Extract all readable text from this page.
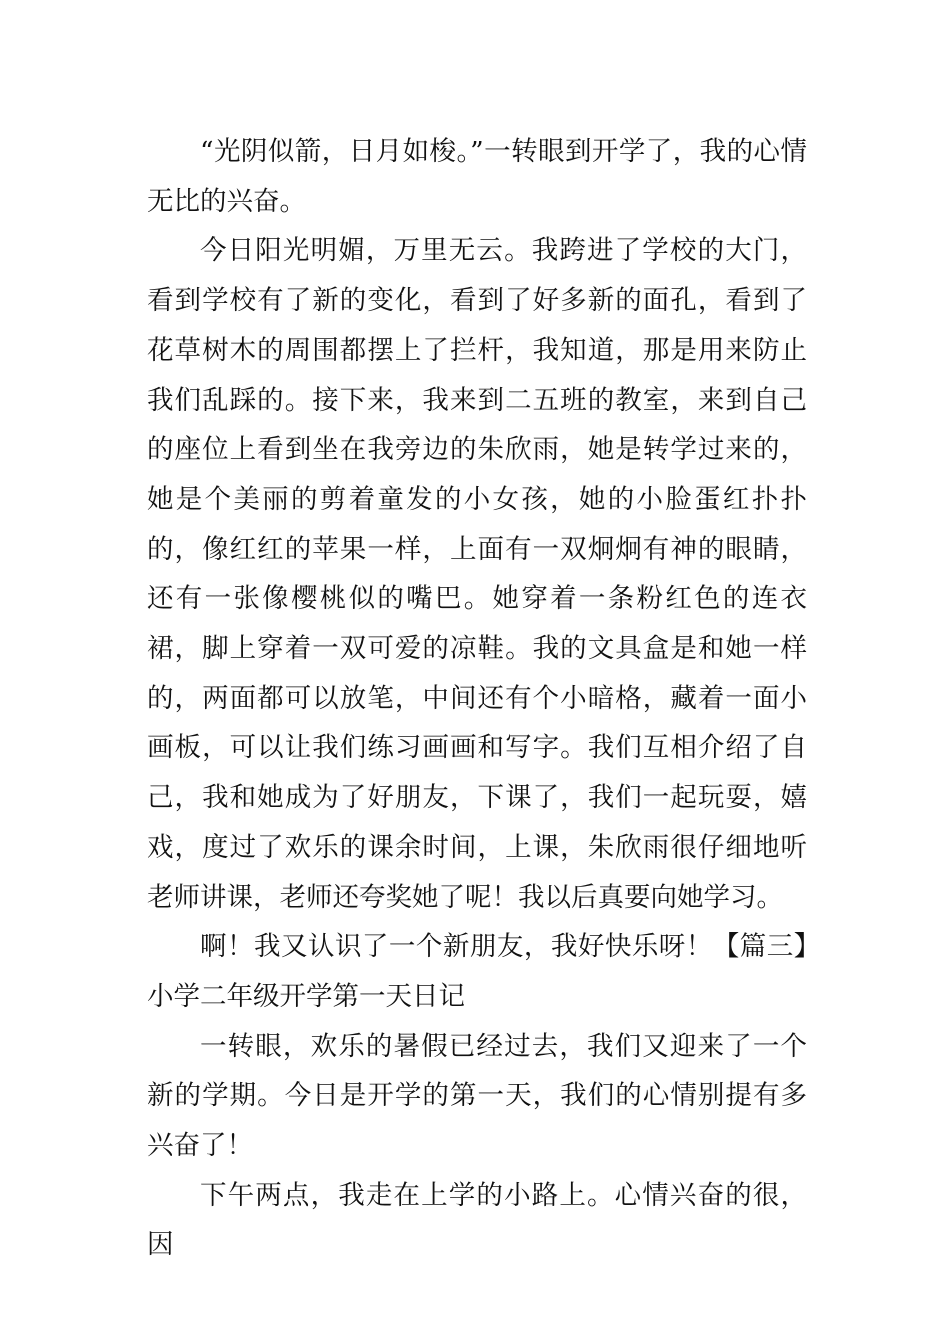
“光阴似箭，日月如梭。”一转眼到开学了，我的心情无比的兴奋。

今日阳光明媚，万里无云。我跨进了学校的大门，看到学校有了新的变化，看到了好多新的面孔，看到了花草树木的周围都摆上了拦杆，我知道，那是用来防止我们乱踩的。接下来，我来到二五班的教室，来到自己的座位上看到坐在我旁边的朱欣雨，她是转学过来的，她是个美丽的剪着童发的小女孩，她的小脸蛋红扑扑的，像红红的苹果一样，上面有一双炯炯有神的眼睛，还有一张像樱桃似的嘴巴。她穿着一条粉红色的连衣裙，脚上穿着一双可爱的凉鞋。我的文具盒是和她一样的，两面都可以放笔，中间还有个小暗格，藏着一面小画板，可以让我们练习画画和写字。我们互相介绍了自己，我和她成为了好朋友，下课了，我们一起玩耍，嬉戏，度过了欢乐的课余时间，上课，朱欣雨很仔细地听老师讲课，老师还夸奖她了呢！我以后真要向她学习。

啊！我又认识了一个新朋友，我好快乐呀！【篇三】小学二年级开学第一天日记

一转眼，欢乐的暑假已经过去，我们又迎来了一个新的学期。今日是开学的第一天，我们的心情别提有多兴奋了！

下午两点，我走在上学的小路上。心情兴奋的很，因
